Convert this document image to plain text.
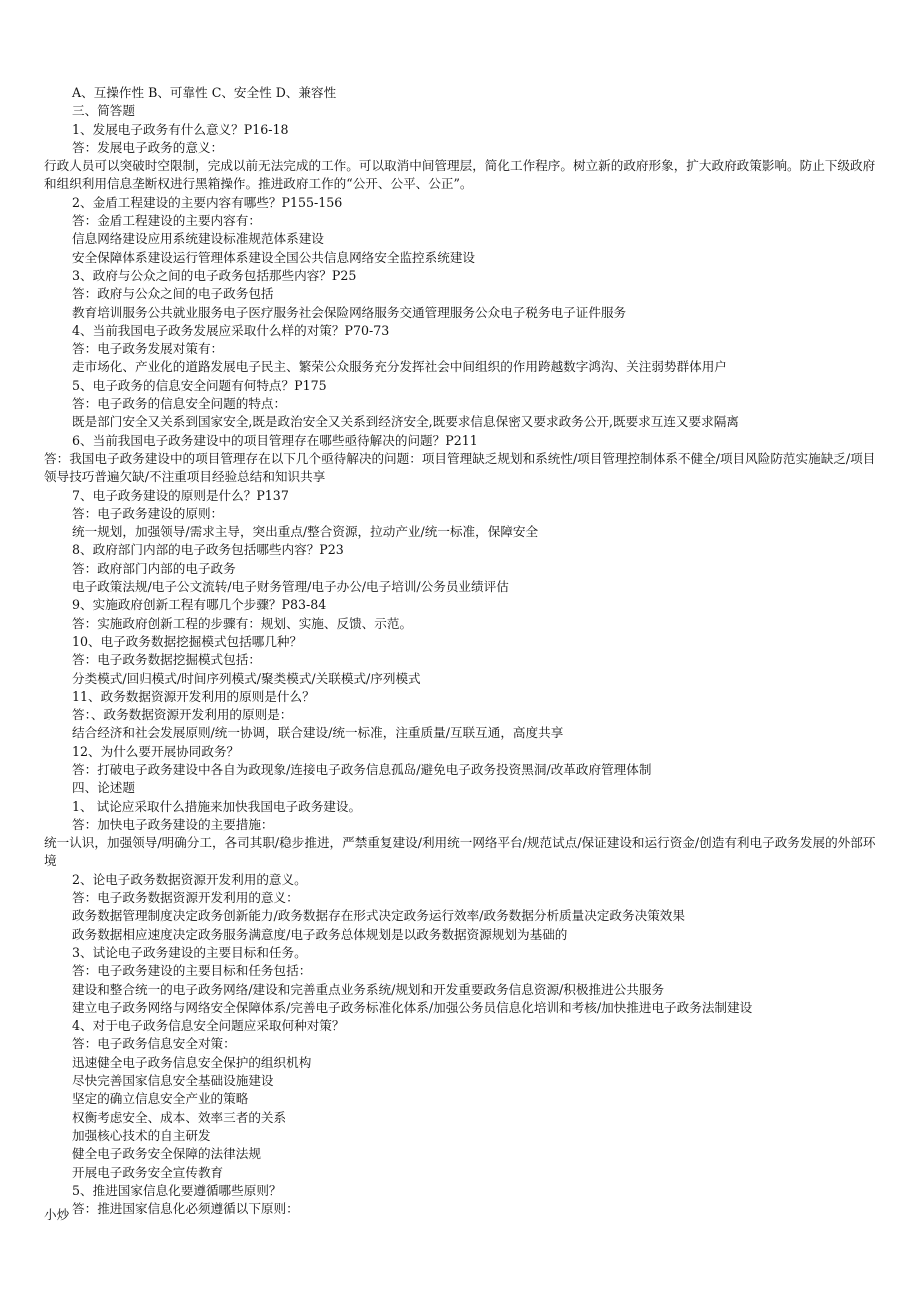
A、互操作性 B、可靠性 C、安全性 D、兼容性
三、简答题
1、发展电子政务有什么意义？P16-18
答：发展电子政务的意义：
行政人员可以突破时空限制，完成以前无法完成的工作。可以取消中间管理层，简化工作程序。树立新的政府形象，扩大政府政策影响。防止下级政府和组织利用信息垄断权进行黑箱操作。推进政府工作的“公开、公平、公正”。
2、金盾工程建设的主要内容有哪些？P155-156
答：金盾工程建设的主要内容有：
信息网络建设应用系统建设标准规范体系建设
安全保障体系建设运行管理体系建设全国公共信息网络安全监控系统建设
3、政府与公众之间的电子政务包括那些内容？P25
答：政府与公众之间的电子政务包括
教育培训服务公共就业服务电子医疗服务社会保险网络服务交通管理服务公众电子税务电子证件服务
4、当前我国电子政务发展应采取什么样的对策？P70-73
答：电子政务发展对策有：
走市场化、产业化的道路发展电子民主、繁荣公众服务充分发挥社会中间组织的作用跨越数字鸿沟、关注弱势群体用户
5、电子政务的信息安全问题有何特点？P175
答：电子政务的信息安全问题的特点：
既是部门安全又关系到国家安全,既是政治安全又关系到经济安全,既要求信息保密又要求政务公开,既要求互连又要求隔离
6、当前我国电子政务建设中的项目管理存在哪些亟待解决的问题？P211
答：我国电子政务建设中的项目管理存在以下几个亟待解决的问题：项目管理缺乏规划和系统性/项目管理控制体系不健全/项目风险防范实施缺乏/项目领导技巧普遍欠缺/不注重项目经验总结和知识共享
7、电子政务建设的原则是什么？P137
答：电子政务建设的原则：
统一规划，加强领导/需求主导，突出重点/整合资源，拉动产业/统一标准，保障安全
8、政府部门内部的电子政务包括哪些内容？P23
答：政府部门内部的电子政务
电子政策法规/电子公文流转/电子财务管理/电子办公/电子培训/公务员业绩评估
9、实施政府创新工程有哪几个步骤？P83-84
答：实施政府创新工程的步骤有：规划、实施、反馈、示范。
10、电子政务数据挖掘模式包括哪几种？
答：电子政务数据挖掘模式包括：
分类模式/回归模式/时间序列模式/聚类模式/关联模式/序列模式
11、政务数据资源开发利用的原则是什么？
答：、政务数据资源开发利用的原则是：
结合经济和社会发展原则/统一协调，联合建设/统一标准，注重质量/互联互通，高度共享
12、为什么要开展协同政务？
答：打破电子政务建设中各自为政现象/连接电子政务信息孤岛/避免电子政务投资黑洞/改革政府管理体制
四、论述题
1、 试论应采取什么措施来加快我国电子政务建设。
答：加快电子政务建设的主要措施：
统一认识，加强领导/明确分工，各司其职/稳步推进，严禁重复建设/利用统一网络平台/规范试点/保证建设和运行资金/创造有利电子政务发展的外部环境
2、论电子政务数据资源开发利用的意义。
答：电子政务数据资源开发利用的意义：
政务数据管理制度决定政务创新能力/政务数据存在形式决定政务运行效率/政务数据分析质量决定政务决策效果
政务数据相应速度决定政务服务满意度/电子政务总体规划是以政务数据资源规划为基础的
3、试论电子政务建设的主要目标和任务。
答：电子政务建设的主要目标和任务包括：
建设和整合统一的电子政务网络/建设和完善重点业务系统/规划和开发重要政务信息资源/积极推进公共服务
建立电子政务网络与网络安全保障体系/完善电子政务标准化体系/加强公务员信息化培训和考核/加快推进电子政务法制建设
4、对于电子政务信息安全问题应采取何种对策？
答：电子政务信息安全对策：
迅速健全电子政务信息安全保护的组织机构
尽快完善国家信息安全基础设施建设
坚定的确立信息安全产业的策略
权衡考虑安全、成本、效率三者的关系
加强核心技术的自主研发
健全电子政务安全保障的法律法规
开展电子政务安全宣传教育
5、推进国家信息化要遵循哪些原则？
答：推进国家信息化必须遵循以下原则：
小炒
